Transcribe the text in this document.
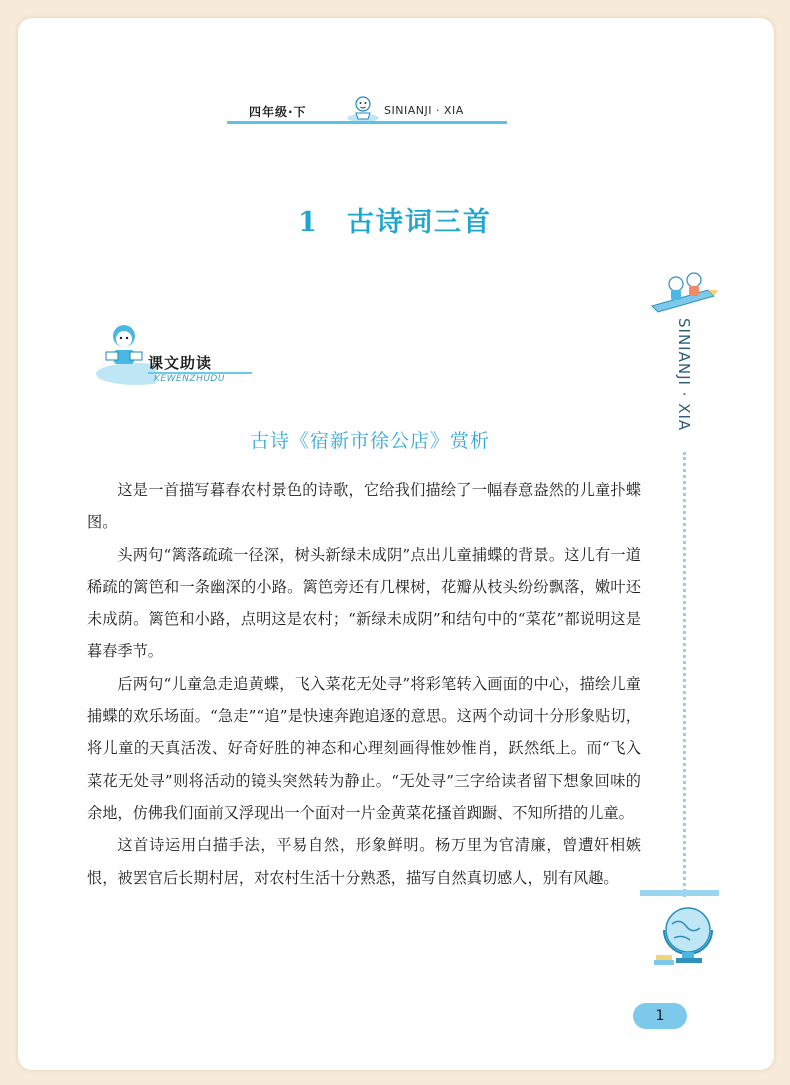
四年级·下	SINIANJI · XIA
1 古诗词三首
课文助读
KEWENZHUDU
古诗《宿新市徐公店》赏析

这是一首描写暮春农村景色的诗歌，它给我们描绘了一幅春意盎然的儿童扑蝶图。

头两句“篱落疏疏一径深，树头新绿未成阴”点出儿童捕蝶的背景。这儿有一道稀疏的篱笆和一条幽深的小路。篱笆旁还有几棵树，花瓣从枝头纷纷飘落，嫩叶还未成荫。篱笆和小路，点明这是农村；“新绿未成阴”和结句中的“菜花”都说明这是暮春季节。

后两句“儿童急走追黄蝶，飞入菜花无处寻”将彩笔转入画面的中心，描绘儿童捕蝶的欢乐场面。“急走”“追”是快速奔跑追逐的意思。这两个动词十分形象贴切，将儿童的天真活泼、好奇好胜的神态和心理刻画得惟妙惟肖，跃然纸上。而“飞入菜花无处寻”则将活动的镜头突然转为静止。“无处寻”三字给读者留下想象回味的余地，仿佛我们面前又浮现出一个面对一片金黄菜花搔首踟蹰、不知所措的儿童。

这首诗运用白描手法，平易自然，形象鲜明。杨万里为官清廉，曾遭奸相嫉恨，被罢官后长期村居，对农村生活十分熟悉，描写自然真切感人，别有风趣。

SINIANJI · XIA
1
